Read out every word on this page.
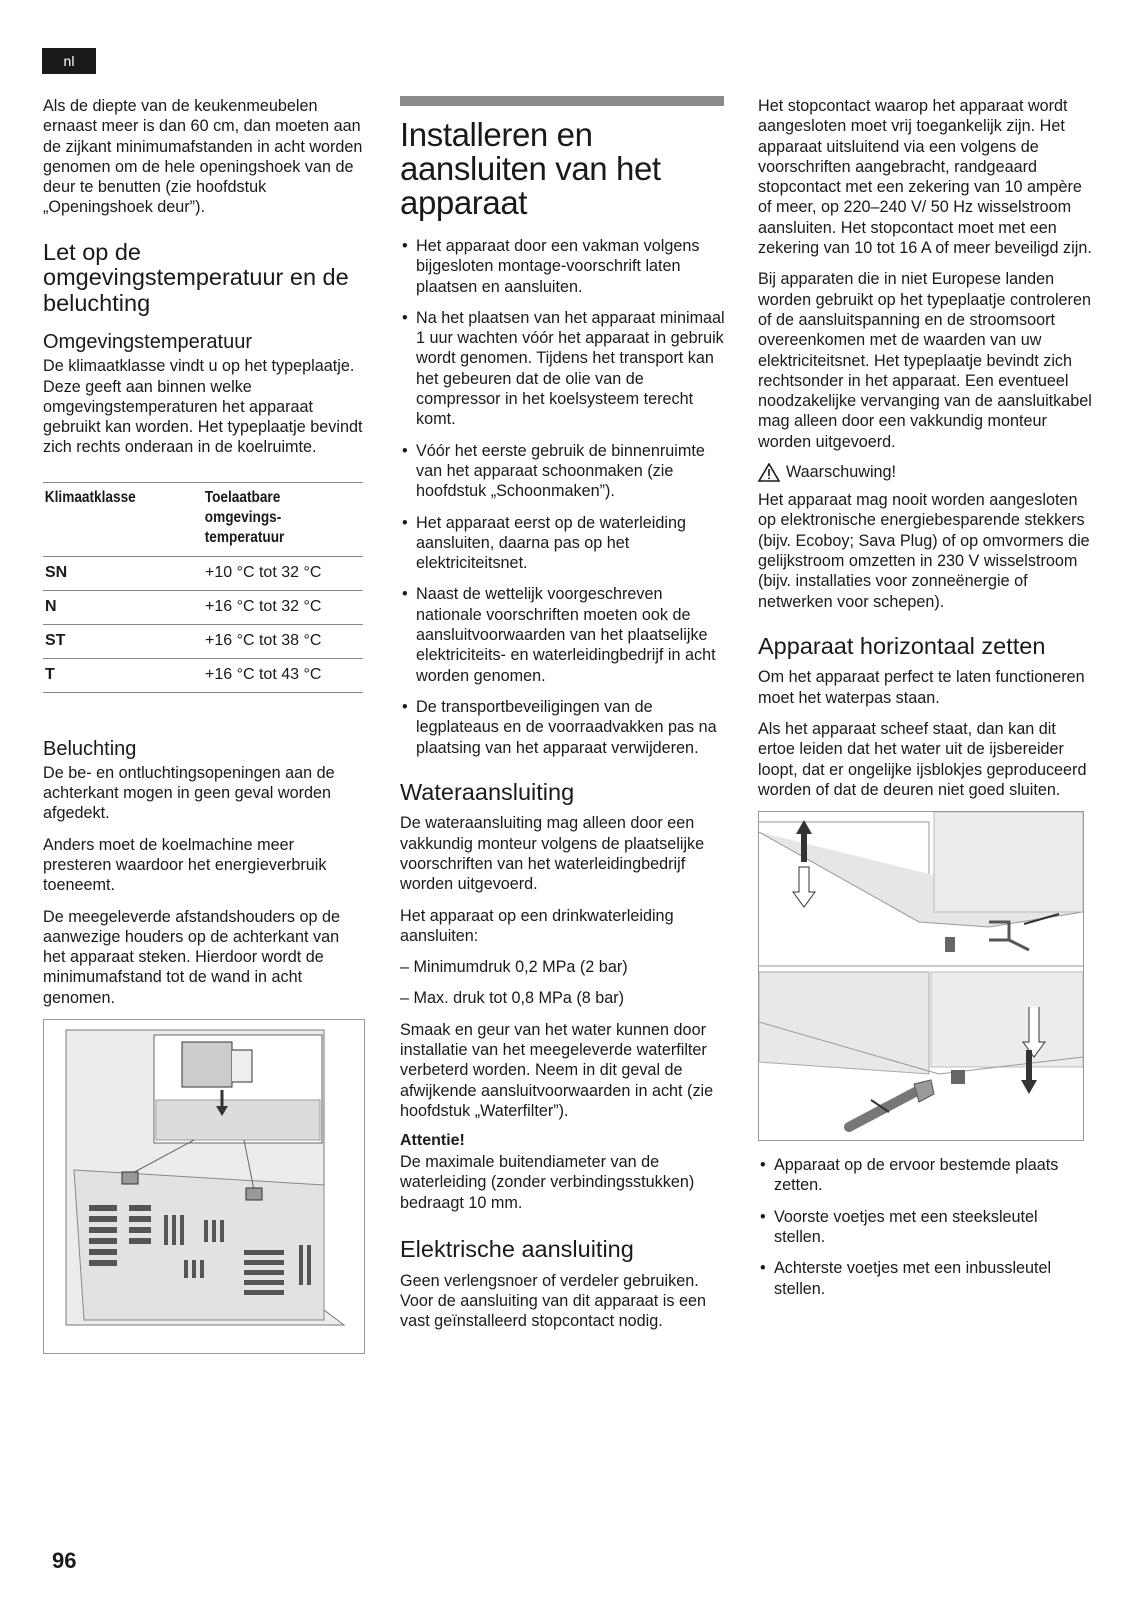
nl

Als de diepte van de keukenmeubelen ernaast meer is dan 60 cm, dan moeten aan de zijkant minimumafstanden in acht worden genomen om de hele openingshoek van de deur te benutten (zie hoofdstuk „Openingshoek deur”).

Let op de omgevingstemperatuur en de beluchting
Omgevingstemperatuur

De klimaatklasse vindt u op het typeplaatje. Deze geeft aan binnen welke omgevingstemperaturen het apparaat gebruikt kan worden. Het typeplaatje bevindt zich rechts onderaan in de koelruimte.

Klimaatklasse	Toelaatbare omgevings-temperatuur

SN	+10 °C tot 32 °C
N	+16 °C tot 32 °C
ST	+16 °C tot 38 °C
T	+16 °C tot 43 °C
Beluchting

De be- en ontluchtingsopeningen aan de achterkant mogen in geen geval worden afgedekt.

Anders moet de koelmachine meer presteren waardoor het energieverbruik toeneemt.

De meegeleverde afstandshouders op de aanwezige houders op de achterkant van het apparaat steken. Hierdoor wordt de minimumafstand tot de wand in acht genomen.

Installeren en aansluiten van het apparaat
• Het apparaat door een vakman volgens bijgesloten montage-voorschrift laten plaatsen en aansluiten.
• Na het plaatsen van het apparaat minimaal 1 uur wachten vóór het apparaat in gebruik wordt genomen. Tijdens het transport kan het gebeuren dat de olie van de compressor in het koelsysteem terecht komt.
• Vóór het eerste gebruik de binnenruimte van het apparaat schoonmaken (zie hoofdstuk „Schoonmaken”).
• Het apparaat eerst op de waterleiding aansluiten, daarna pas op het elektriciteitsnet.
• Naast de wettelijk voorgeschreven nationale voorschriften moeten ook de aansluitvoorwaarden van het plaatselijke elektriciteits- en waterleidingbedrijf in acht worden genomen.
• De transportbeveiligingen van de legplateaus en de voorraadvakken pas na plaatsing van het apparaat verwijderen.
Wateraansluiting

De wateraansluiting mag alleen door een vakkundig monteur volgens de plaatselijke voorschriften van het waterleidingbedrijf worden uitgevoerd.

Het apparaat op een drinkwaterleiding aansluiten:

– Minimumdruk 0,2 MPa (2 bar)
– Max. druk tot 0,8 MPa (8 bar)

Smaak en geur van het water kunnen door installatie van het meegeleverde waterfilter verbeterd worden. Neem in dit geval de afwijkende aansluitvoorwaarden in acht (zie hoofdstuk „Waterfilter”).

Attentie!

De maximale buitendiameter van de waterleiding (zonder verbindingsstukken) bedraagt 10 mm.

Elektrische aansluiting

Geen verlengsnoer of verdeler gebruiken. Voor de aansluiting van dit apparaat is een vast geïnstalleerd stopcontact nodig.

Het stopcontact waarop het apparaat wordt aangesloten moet vrij toegankelijk zijn. Het apparaat uitsluitend via een volgens de voorschriften aangebracht, randgeaard stopcontact met een zekering van 10 ampère of meer, op 220–240 V/ 50 Hz wisselstroom aansluiten. Het stopcontact moet met een zekering van 10 tot 16 A of meer beveiligd zijn.

Bij apparaten die in niet Europese landen worden gebruikt op het typeplaatje controleren of de aansluitspanning en de stroomsoort overeenkomen met de waarden van uw elektriciteitsnet. Het typeplaatje bevindt zich rechtsonder in het apparaat. Een eventueel noodzakelijke vervanging van de aansluitkabel mag alleen door een vakkundig monteur worden uitgevoerd.

Waarschuwing!

Het apparaat mag nooit worden aangesloten op elektronische energiebesparende stekkers (bijv. Ecoboy; Sava Plug) of op omvormers die gelijkstroom omzetten in 230 V wisselstroom (bijv. installaties voor zonneënergie of netwerken voor schepen).

Apparaat horizontaal zetten

Om het apparaat perfect te laten functioneren moet het waterpas staan.

Als het apparaat scheef staat, dan kan dit ertoe leiden dat het water uit de ijsbereider loopt, dat er ongelijke ijsblokjes geproduceerd worden of dat de deuren niet goed sluiten.

• Apparaat op de ervoor bestemde plaats zetten.
• Voorste voetjes met een steeksleutel stellen.
• Achterste voetjes met een inbussleutel stellen.
96
